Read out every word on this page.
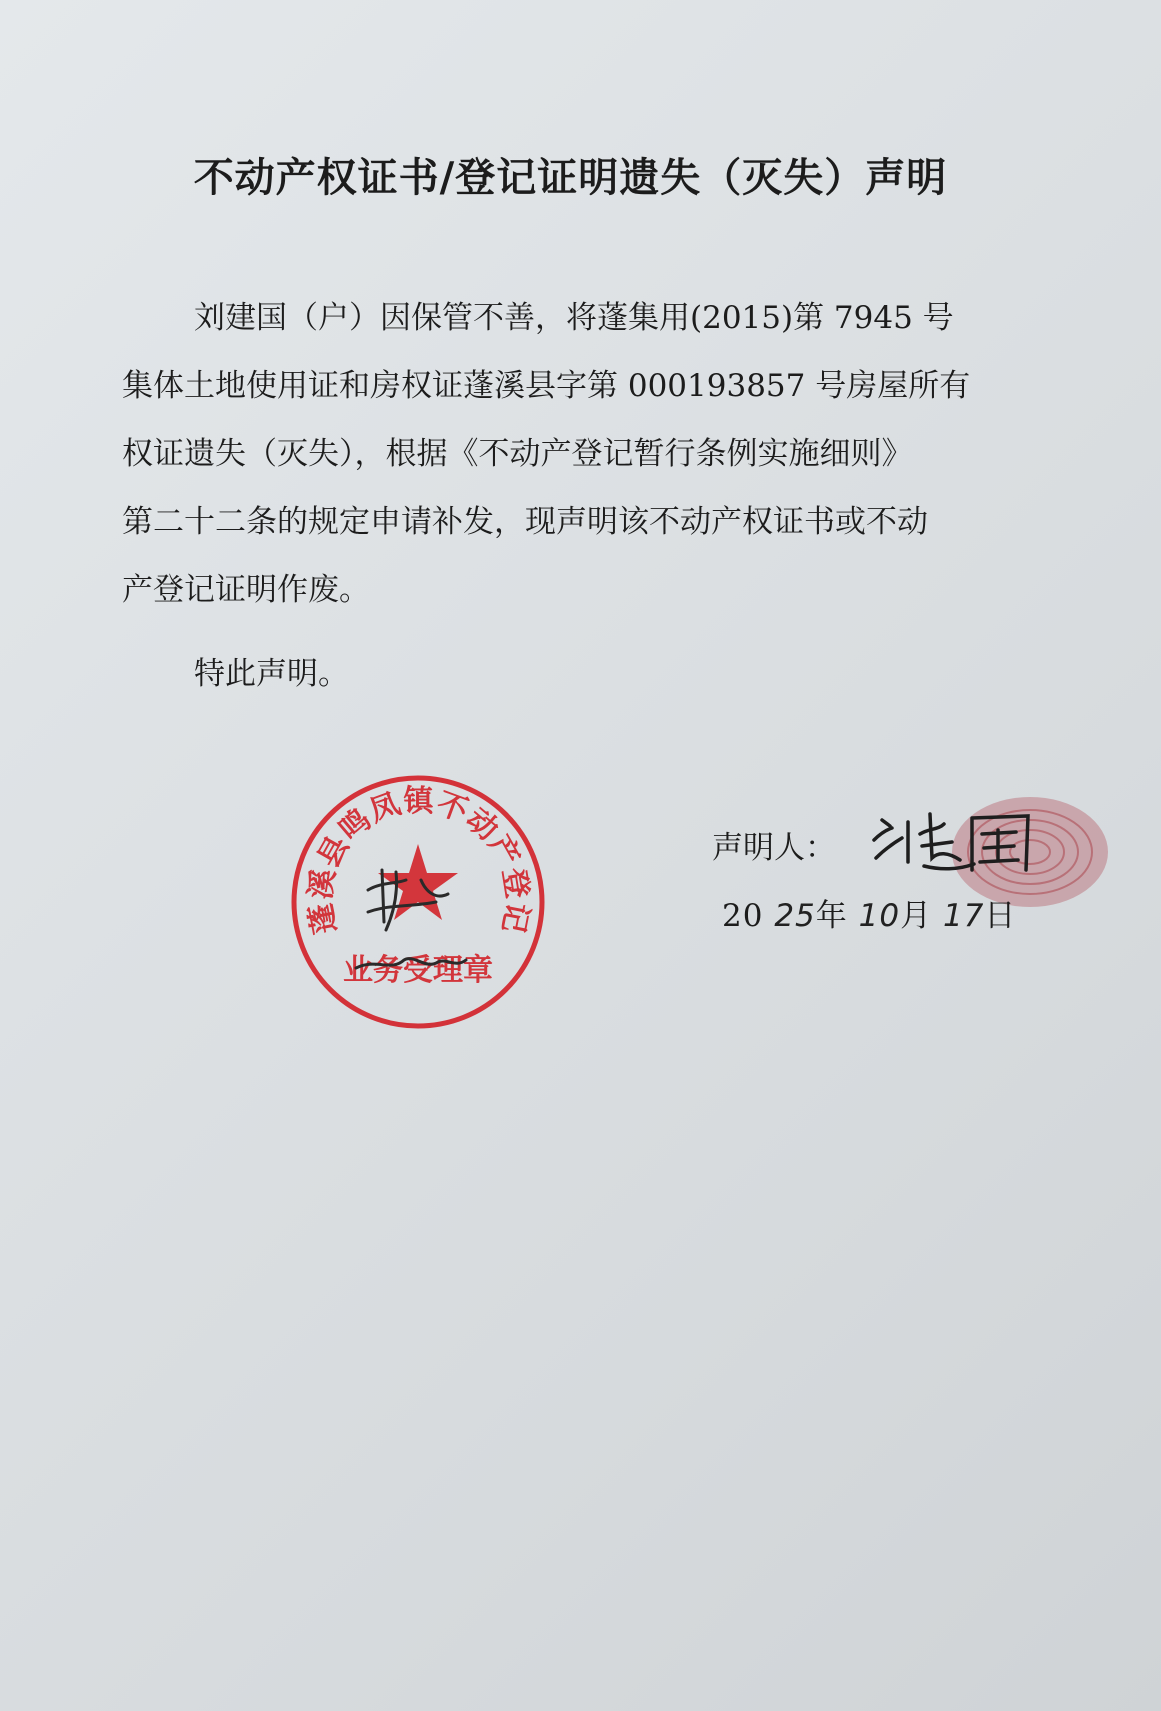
不动产权证书/登记证明遗失（灭失）声明

刘建国（户）因保管不善，将蓬集用(2015)第 7945 号
集体土地使用证和房权证蓬溪县字第 000193857 号房屋所有
权证遗失（灭失），根据《不动产登记暂行条例实施细则》
第二十二条的规定申请补发，现声明该不动产权证书或不动
产登记证明作废。

特此声明。

蓬溪县鸣凤镇不动产登记
业务受理章

声明人：

20 25年 10月 17日
